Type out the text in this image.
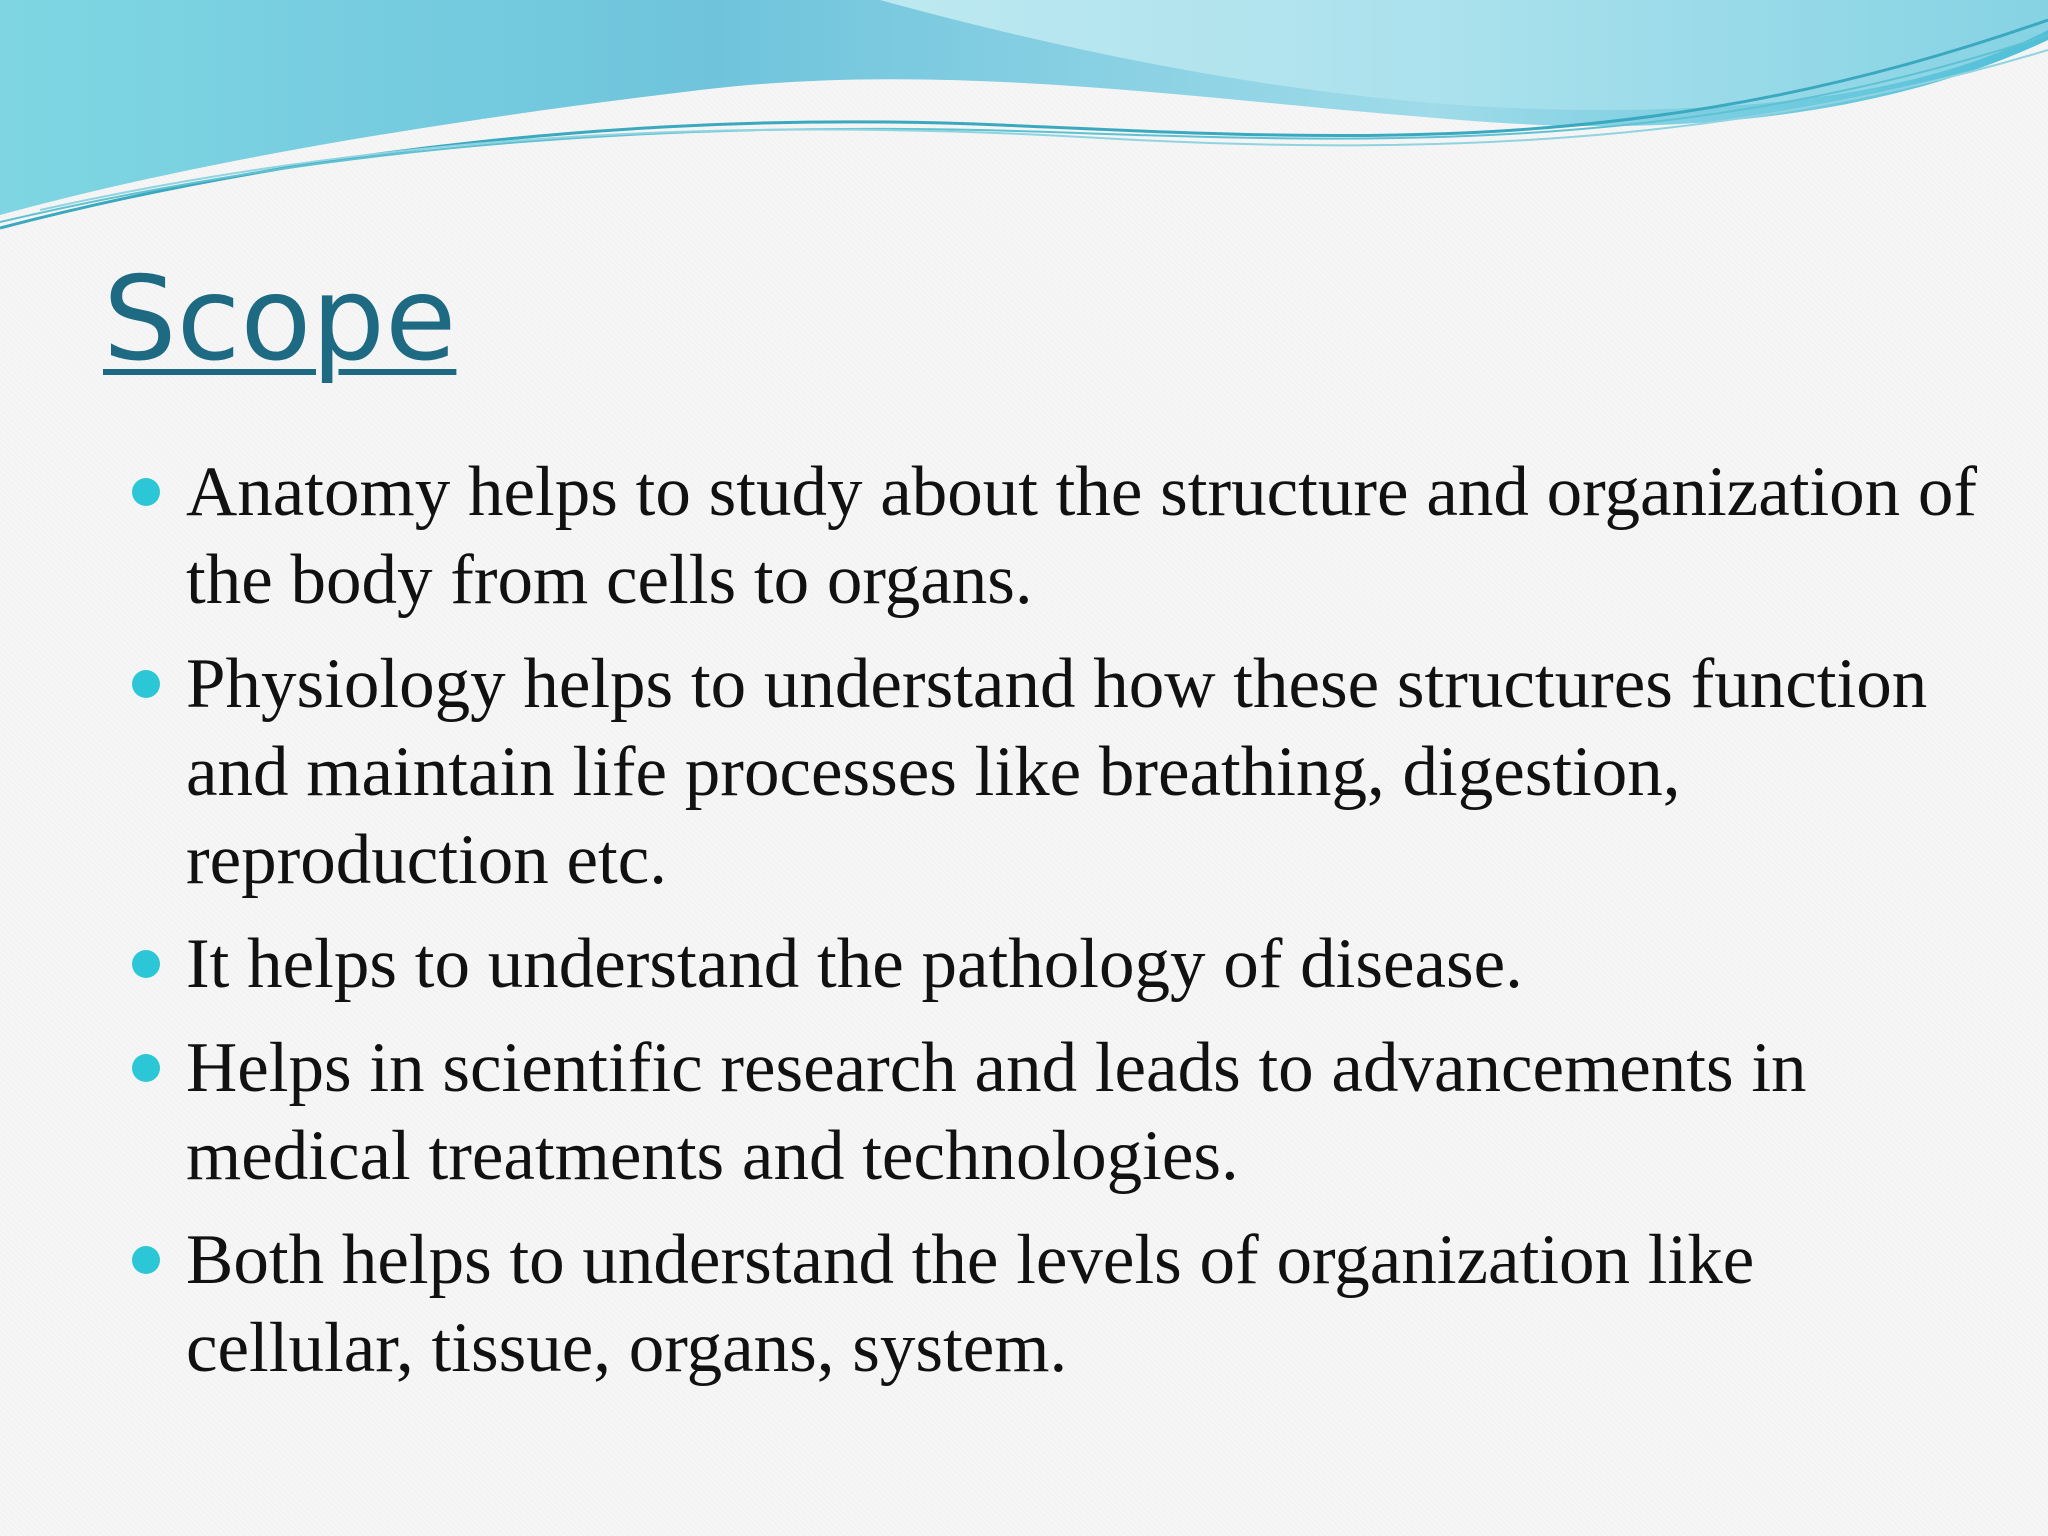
Scope
Anatomy helps to study about the structure and organization of the body from cells to organs.
Physiology helps to understand how these structures function and maintain life processes like breathing, digestion, reproduction etc.
It helps to understand the pathology of disease.
Helps in scientific research and leads to advancements in medical treatments and technologies.
Both helps to understand the levels of organization like cellular, tissue, organs, system.
